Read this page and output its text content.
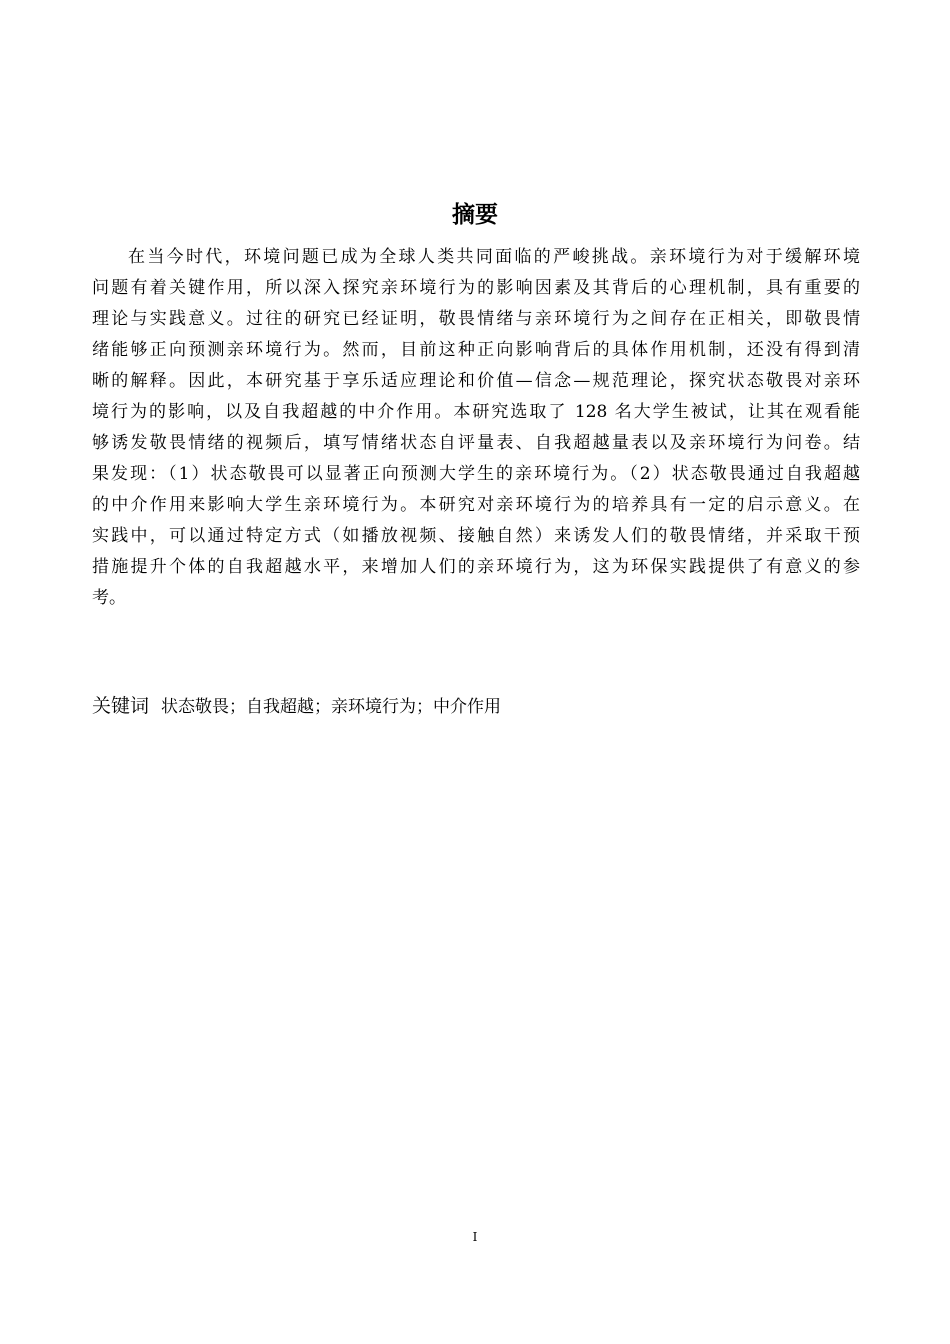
摘要
在当今时代，环境问题已成为全球人类共同面临的严峻挑战。亲环境行为对于缓解环境
问题有着关键作用，所以深入探究亲环境行为的影响因素及其背后的心理机制，具有重要的
理论与实践意义。过往的研究已经证明，敬畏情绪与亲环境行为之间存在正相关，即敬畏情
绪能够正向预测亲环境行为。然而，目前这种正向影响背后的具体作用机制，还没有得到清
晰的解释。因此，本研究基于享乐适应理论和价值—信念—规范理论，探究状态敬畏对亲环
境行为的影响，以及自我超越的中介作用。本研究选取了 128 名大学生被试，让其在观看能
够诱发敬畏情绪的视频后，填写情绪状态自评量表、自我超越量表以及亲环境行为问卷。结
果发现：（1）状态敬畏可以显著正向预测大学生的亲环境行为。（2）状态敬畏通过自我超越
的中介作用来影响大学生亲环境行为。本研究对亲环境行为的培养具有一定的启示意义。在
实践中，可以通过特定方式（如播放视频、接触自然）来诱发人们的敬畏情绪，并采取干预
措施提升个体的自我超越水平，来增加人们的亲环境行为，这为环保实践提供了有意义的参
考。

关键词 状态敬畏；自我超越；亲环境行为；中介作用

I
